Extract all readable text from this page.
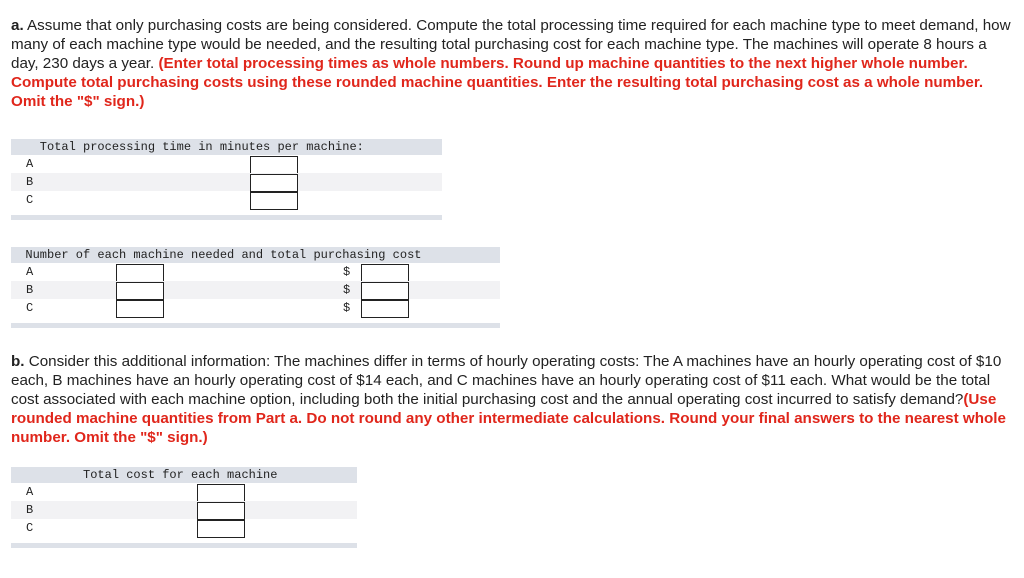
a. Assume that only purchasing costs are being considered. Compute the total processing time required for each machine type to meet demand, how many of each machine type would be needed, and the resulting total purchasing cost for each machine type. The machines will operate 8 hours a day, 230 days a year. (Enter total processing times as whole numbers. Round up machine quantities to the next higher whole number. Compute total purchasing costs using these rounded machine quantities. Enter the resulting total purchasing cost as a whole number. Omit the "$" sign.)
Total processing time in minutes per machine:
A
B
C
Number of each machine needed and total purchasing cost
A	$
B	$
C	$
b. Consider this additional information: The machines differ in terms of hourly operating costs: The A machines have an hourly operating cost of $10 each, B machines have an hourly operating cost of $14 each, and C machines have an hourly operating cost of $11 each. What would be the total cost associated with each machine option, including both the initial purchasing cost and the annual operating cost incurred to satisfy demand?(Use rounded machine quantities from Part a. Do not round any other intermediate calculations. Round your final answers to the nearest whole number. Omit the "$" sign.)
Total cost for each machine
A
B
C
